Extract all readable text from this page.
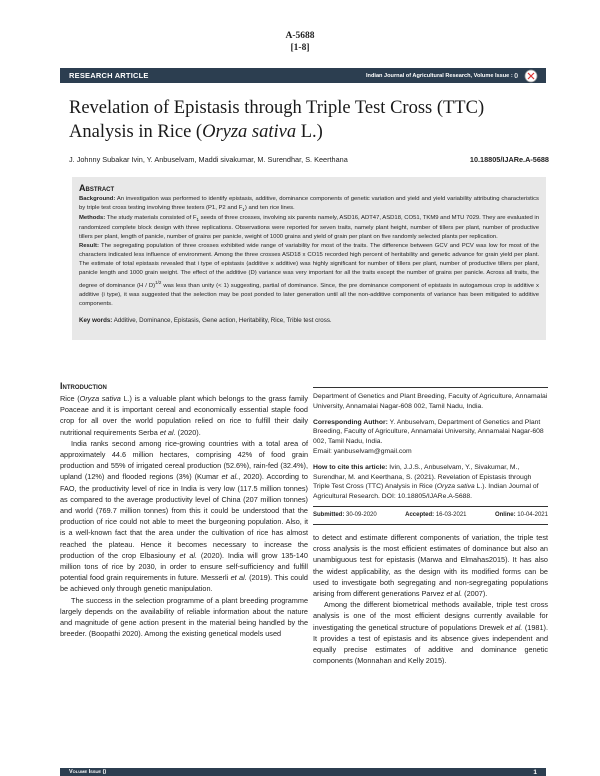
A-5688
[1-8]
RESEARCH ARTICLE	Indian Journal of Agricultural Research, Volume Issue : ()
Revelation of Epistasis through Triple Test Cross (TTC) Analysis in Rice (Oryza sativa L.)
J. Johnny Subakar Ivin, Y. Anbuselvam, Maddi sivakumar, M. Surendhar, S. Keerthana	10.18805/IJARe.A-5688
Abstract

Background: An investigation was performed to identify epistasis, additive, dominance components of genetic variation and yield and yield variability attributing characteristics by triple test cross testing involving three testers (P1, P2 and $F_1$) and ten rice lines.

Methods: The study materials consisted of $F_1$ seeds of three crosses, involving six parents namely, ASD16, ADT47, ASD18, CO51, TKM9 and MTU 7029. They are evaluated in randomized complete block design with three replications. Observations were reported for seven traits, namely plant height, number of tillers per plant, number of productive tillers per plant, length of panicle, number of grains per panicle, weight of 1000 grains and yield of grain per plant on five randomly selected plants per replication.

Result: The segregating population of three crosses exhibited wide range of variability for most of the traits. The difference between GCV and PCV was low for most of the characters indicated less influence of environment. Among the three crosses ASD18 x CO15 recorded high percent of heritability and genetic advance for grain yield per plant. The estimate of total epistasis revealed that i type of epistasis (additive x additive) was highly significant for number of tillers per plant, number of productive tillers per plant, panicle length and 1000 grain weight. The effect of the additive (D) variance was very important for all the traits except the number of grains per panicle. Across all traits, the degree of dominance (H / D)$^{1/2}$ was less than unity (< 1) suggesting, partial of dominance. Since, the pre dominance component of epistasis in autogamous crop is additive x additive (i type), it was suggested that the selection may be post ponded to later generation until all the non-additive components of variance has been mitigated to additive components.

Key words: Additive, Dominance, Epistasis, Gene action, Heritability, Rice, Trible test cross.

Introduction

Rice (Oryza sativa L.) is a valuable plant which belongs to the grass family Poaceae and it is important cereal and economically essential staple food crop for all over the world population relied on rice to fulfill their daily nutritional requirements Serba et al. (2020).

India ranks second among rice-growing countries with a total area of approximately 44.6 million hectares, comprising 42% of food grain production and 55% of irrigated cereal production (52.6%), rain-fed (32.4%), upland (12%) and flooded regions (3%) (Kumar et al., 2020). According to FAO, the productivity level of rice in India is very low (117.5 million tonnes) as compared to the average productivity level of China (207 million tonnes) and world (769.7 million tonnes) from this it could be understood that the production of rice could not able to meet the burgeoning population. Also, it is a well-known fact that the area under the cultivation of rice has almost reached the plateau. Hence it becomes necessary to increase the production of the crop Elbasiouny et al. (2020). India will grow 135-140 million tons of rice by 2030, in order to ensure self-sufficiency and fulfill potential food grain requirements in future. Messerli et al. (2019). This could be achieved only through genetic manipulation.

The success in the selection programme of a plant breeding programme largely depends on the availability of reliable information about the nature and magnitude of gene action present in the material being handled by the breeder. (Boopathi 2020). Among the existing genetical models used

Department of Genetics and Plant Breeding, Faculty of Agriculture, Annamalai University, Annamalai Nagar-608 002, Tamil Nadu, India.

Corresponding Author: Y. Anbuselvam, Department of Genetics and Plant Breeding, Faculty of Agriculture, Annamalai University, Annamalai Nagar-608 002, Tamil Nadu, India.

Email: yanbuselvam@gmail.com

How to cite this article: Ivin, J.J.S., Anbuselvam, Y., Sivakumar, M., Surendhar, M. and Keerthana, S. (2021). Revelation of Epistasis through Triple Test Cross (TTC) Analysis in Rice (Oryza sativa L.). Indian Journal of Agricultural Research. DOI: 10.18805/IJARe.A-5688.

Submitted: 30-09-2020	Accepted: 16-03-2021	Online: 10-04-2021

to detect and estimate different components of variation, the triple test cross analysis is the most efficient estimates of dominance but also an unambiguous test for epistasis (Marwa and Elmahas2015). It has also the widest applicability, as the design with its modified forms can be used to investigate both segregating and non-segregating populations arising from different generations Parvez et al. (2007).

Among the different biometrical methods available, triple test cross analysis is one of the most efficient designs currently available for investigating the genetical structure of populations Drewek et al. (1981). It provides a test of epistasis and its absence gives independent and equally precise estimates of additive and dominance genetic components (Monnahan and Kelly 2015).

Volume Issue ()	1
